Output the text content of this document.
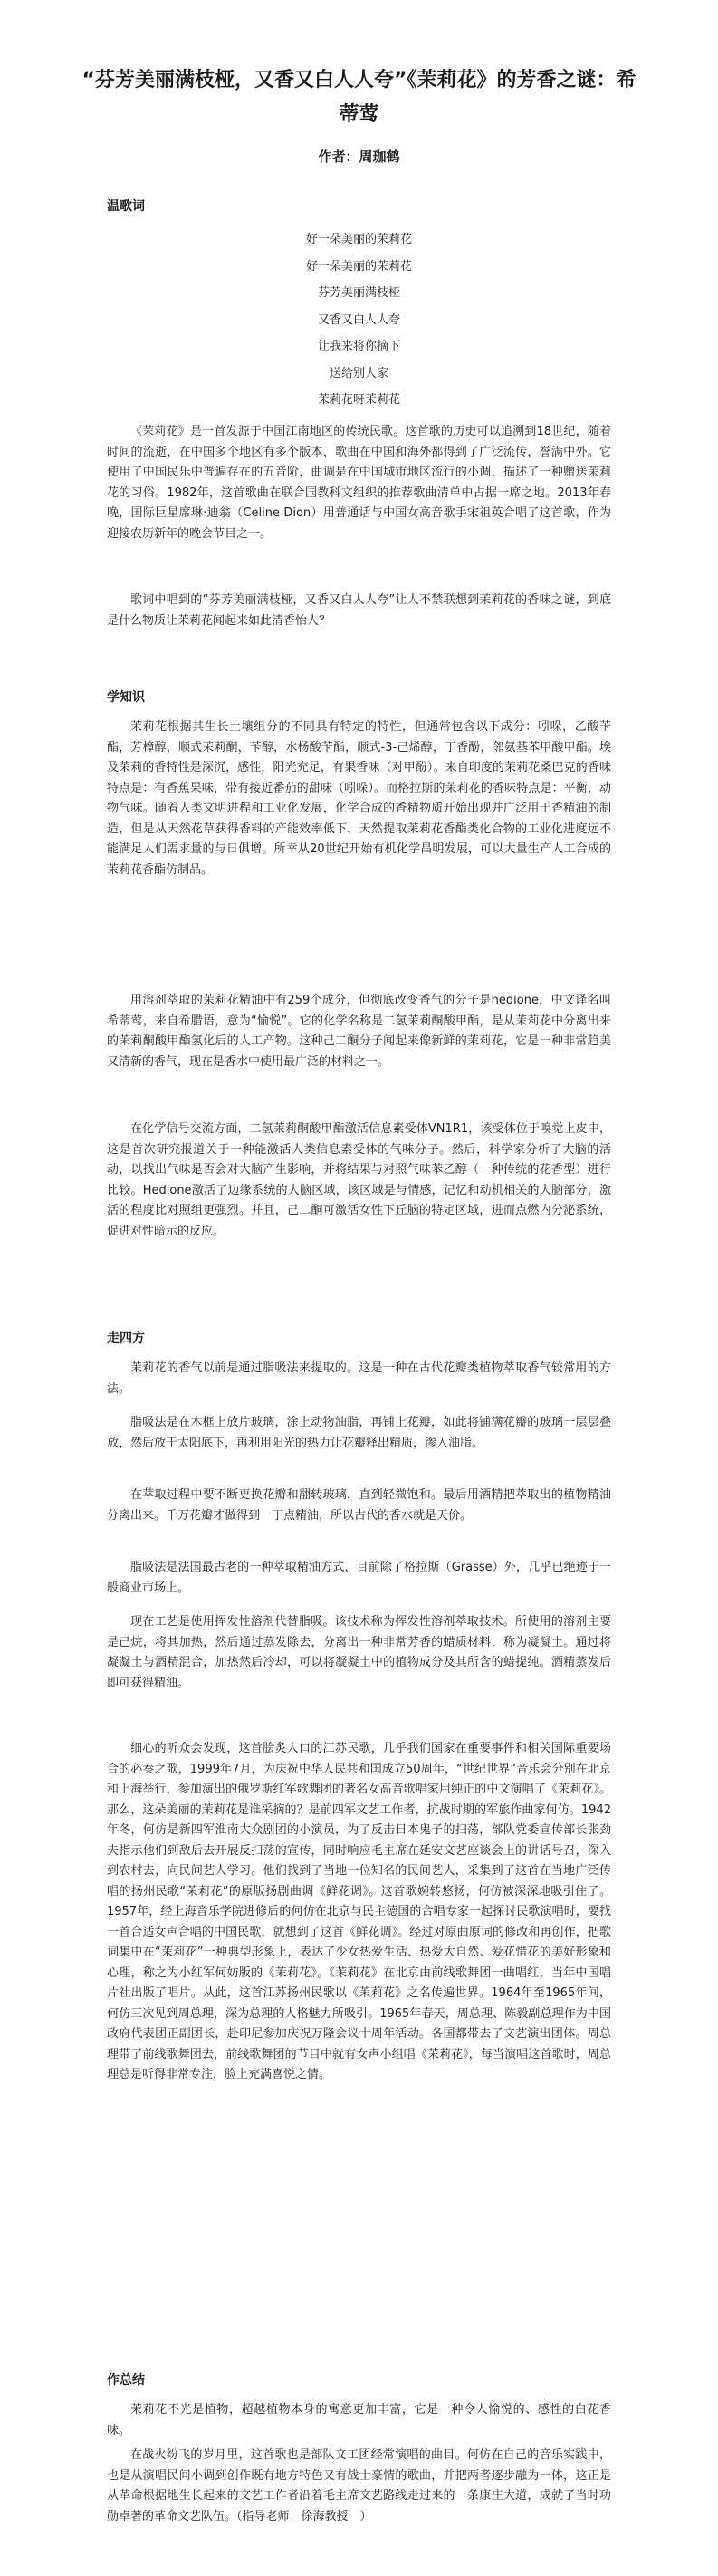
“芬芳美丽满枝桠，又香又白人人夸”《茉莉花》的芳香之谜：希蒂莺

作者：周珈鹤

温歌词
好一朵美丽的茉莉花
好一朵美丽的茉莉花
芬芳美丽满枝桠
又香又白人人夸
让我来将你摘下
送给别人家
茉莉花呀茉莉花

《茉莉花》是一首发源于中国江南地区的传统民歌。这首歌的历史可以追溯到18世纪，随着时间的流逝，在中国多个地区有多个版本，歌曲在中国和海外都得到了广泛流传，誉满中外。它使用了中国民乐中普遍存在的五音阶，曲调是在中国城市地区流行的小调，描述了一种赠送茉莉花的习俗。1982年，这首歌曲在联合国教科文组织的推荐歌曲清单中占据一席之地。2013年春晚，国际巨星席琳·迪翁（Celine Dion）用普通话与中国女高音歌手宋祖英合唱了这首歌，作为迎接农历新年的晚会节目之一。

歌词中唱到的“芬芳美丽满枝桠，又香又白人人夸”让人不禁联想到茉莉花的香味之谜，到底是什么物质让茉莉花闻起来如此清香怡人？

学知识

茉莉花根据其生长土壤组分的不同具有特定的特性，但通常包含以下成分：吲哚，乙酸苄酯，芳樟醇，顺式茉莉酮，苄醇，水杨酸苄酯，顺式-3-己烯醇，丁香酚，邻氨基苯甲酸甲酯。埃及茉莉的香特性是深沉，感性，阳光充足，有果香味（对甲酚）。来自印度的茉莉花桑巴克的香味特点是：有香蕉果味，带有接近番茄的甜味（吲哚）。而格拉斯的茉莉花的香味特点是：平衡，动物气味。随着人类文明进程和工业化发展，化学合成的香精物质开始出现并广泛用于香精油的制造，但是从天然花草获得香料的产能效率低下，天然提取茉莉花香酯类化合物的工业化进度远不能满足人们需求量的与日俱增。所幸从20世纪开始有机化学昌明发展，可以大量生产人工合成的茉莉花香酯仿制品。

用溶剂萃取的茉莉花精油中有259个成分，但彻底改变香气的分子是hedione，中文译名叫希蒂莺，来自希腊语，意为“愉悦”。它的化学名称是二氢茉莉酮酸甲酯，是从茉莉花中分离出来的茉莉酮酸甲酯氢化后的人工产物。这种己二酮分子闻起来像新鲜的茉莉花，它是一种非常趋美又清新的香气，现在是香水中使用最广泛的材料之一。

在化学信号交流方面，二氢茉莉酮酸甲酯激活信息素受体VN1R1，该受体位于嗅觉上皮中，这是首次研究报道关于一种能激活人类信息素受体的气味分子。然后，科学家分析了大脑的活动，以找出气味是否会对大脑产生影响，并将结果与对照气味苯乙醇（一种传统的花香型）进行比较。Hedione激活了边缘系统的大脑区域，该区域是与情感，记忆和动机相关的大脑部分，激活的程度比对照组更强烈。并且，己二酮可激活女性下丘脑的特定区域，进而点燃内分泌系统，促进对性暗示的反应。

走四方

茉莉花的香气以前是通过脂吸法来提取的。这是一种在古代花瓣类植物萃取香气较常用的方法。

脂吸法是在木框上放片玻璃，涂上动物油脂，再铺上花瓣，如此将铺满花瓣的玻璃一层层叠放，然后放于太阳底下，再利用阳光的热力让花瓣释出精质，渗入油脂。

在萃取过程中要不断更换花瓣和翻转玻璃，直到轻微饱和。最后用酒精把萃取出的植物精油分离出来。千万花瓣才做得到一丁点精油，所以古代的香水就是天价。

脂吸法是法国最古老的一种萃取精油方式，目前除了格拉斯（Grasse）外，几乎已绝迹于一般商业市场上。

现在工艺是使用挥发性溶剂代替脂吸。该技术称为挥发性溶剂萃取技术。所使用的溶剂主要是己烷，将其加热，然后通过蒸发除去，分离出一种非常芳香的蜡质材料，称为凝凝土。通过将凝凝土与酒精混合，加热然后冷却，可以将凝凝土中的植物成分及其所含的蜡提纯。酒精蒸发后即可获得精油。

细心的听众会发现，这首脍炙人口的江苏民歌，几乎我们国家在重要事件和相关国际重要场合的必奏之歌，1999年7月，为庆祝中华人民共和国成立50周年，“世纪世界”音乐会分别在北京和上海举行，参加演出的俄罗斯红军歌舞团的著名女高音歌唱家用纯正的中文演唱了《茉莉花》。那么，这朵美丽的茉莉花是谁采摘的？是前四军文艺工作者，抗战时期的军旅作曲家何仿。1942年冬，何仿是新四军淮南大众剧团的小演员，为了反击日本鬼子的扫荡，部队党委宣传部长张劲夫指示他们到敌后去开展反扫荡的宣传，同时响应毛主席在延安文艺座谈会上的讲话号召，深入到农村去，向民间艺人学习。他们找到了当地一位知名的民间艺人，采集到了这首在当地广泛传唱的扬州民歌“茉莉花”的原版扬剧曲调《鲜花调》。这首歌婉转悠扬，何仿被深深地吸引住了。1957年，经上海音乐学院进修后的何仿在北京与民主德国的合唱专家一起探讨民歌演唱时，要找一首合适女声合唱的中国民歌，就想到了这首《鲜花调》。经过对原曲原词的修改和再创作，把歌词集中在“茉莉花”一种典型形象上，表达了少女热爱生活、热爱大自然、爱花惜花的美好形象和心理，称之为小红军何妨版的《茉莉花》。《茉莉花》在北京由前线歌舞团一曲唱红，当年中国唱片社出版了唱片。从此，这首江苏扬州民歌以《茉莉花》之名传遍世界。1964年至1965年间，何仿三次见到周总理，深为总理的人格魅力所吸引。1965年春天，周总理、陈毅副总理作为中国政府代表团正副团长，赴印尼参加庆祝万隆会议十周年活动。各国都带去了文艺演出团体。周总理带了前线歌舞团去，前线歌舞团的节目中就有女声小组唱《茉莉花》，每当演唱这首歌时，周总理总是听得非常专注，脸上充满喜悦之情。

作总结

茉莉花不光是植物，超越植物本身的寓意更加丰富，它是一种令人愉悦的、感性的白花香味。

在战火纷飞的岁月里，这首歌也是部队文工团经常演唱的曲目。何仿在自己的音乐实践中，也是从演唱民间小调到创作既有地方特色又有战士豪情的歌曲，并把两者逐步融为一体，这正是从革命根据地生长起来的文艺工作者沿着毛主席文艺路线走过来的一条康庄大道，成就了当时功勋卓著的革命文艺队伍。（指导老师：徐海教授　）
